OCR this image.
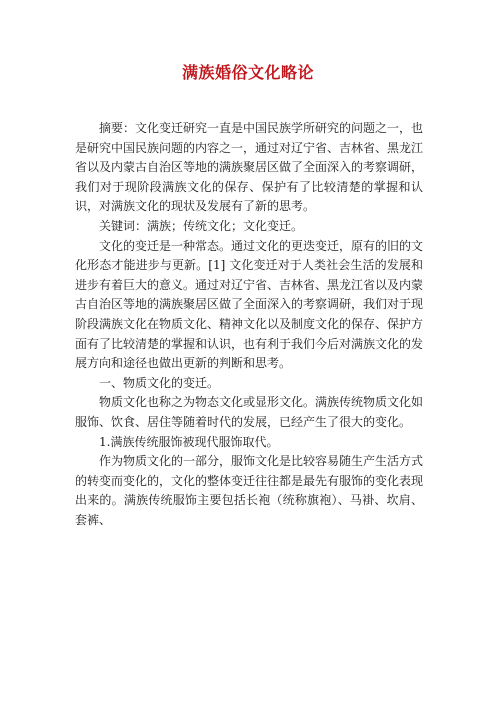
满族婚俗文化略论

摘要：文化变迁研究一直是中国民族学所研究的问题之一，也是研究中国民族问题的内容之一，通过对辽宁省、吉林省、黑龙江省以及内蒙古自治区等地的满族聚居区做了全面深入的考察调研，我们对于现阶段满族文化的保存、保护有了比较清楚的掌握和认识，对满族文化的现状及发展有了新的思考。

关键词：满族；传统文化；文化变迁。

文化的变迁是一种常态。通过文化的更迭变迁，原有的旧的文化形态才能进步与更新。[1] 文化变迁对于人类社会生活的发展和进步有着巨大的意义。通过对辽宁省、吉林省、黑龙江省以及内蒙古自治区等地的满族聚居区做了全面深入的考察调研，我们对于现阶段满族文化在物质文化、精神文化以及制度文化的保存、保护方面有了比较清楚的掌握和认识，也有利于我们今后对满族文化的发展方向和途径也做出更新的判断和思考。

一、物质文化的变迁。

物质文化也称之为物态文化或显形文化。满族传统物质文化如服饰、饮食、居住等随着时代的发展，已经产生了很大的变化。

1.满族传统服饰被现代服饰取代。

作为物质文化的一部分，服饰文化是比较容易随生产生活方式的转变而变化的，文化的整体变迁往往都是最先有服饰的变化表现出来的。满族传统服饰主要包括长袍（统称旗袍）、马褂、坎肩、套裤、
